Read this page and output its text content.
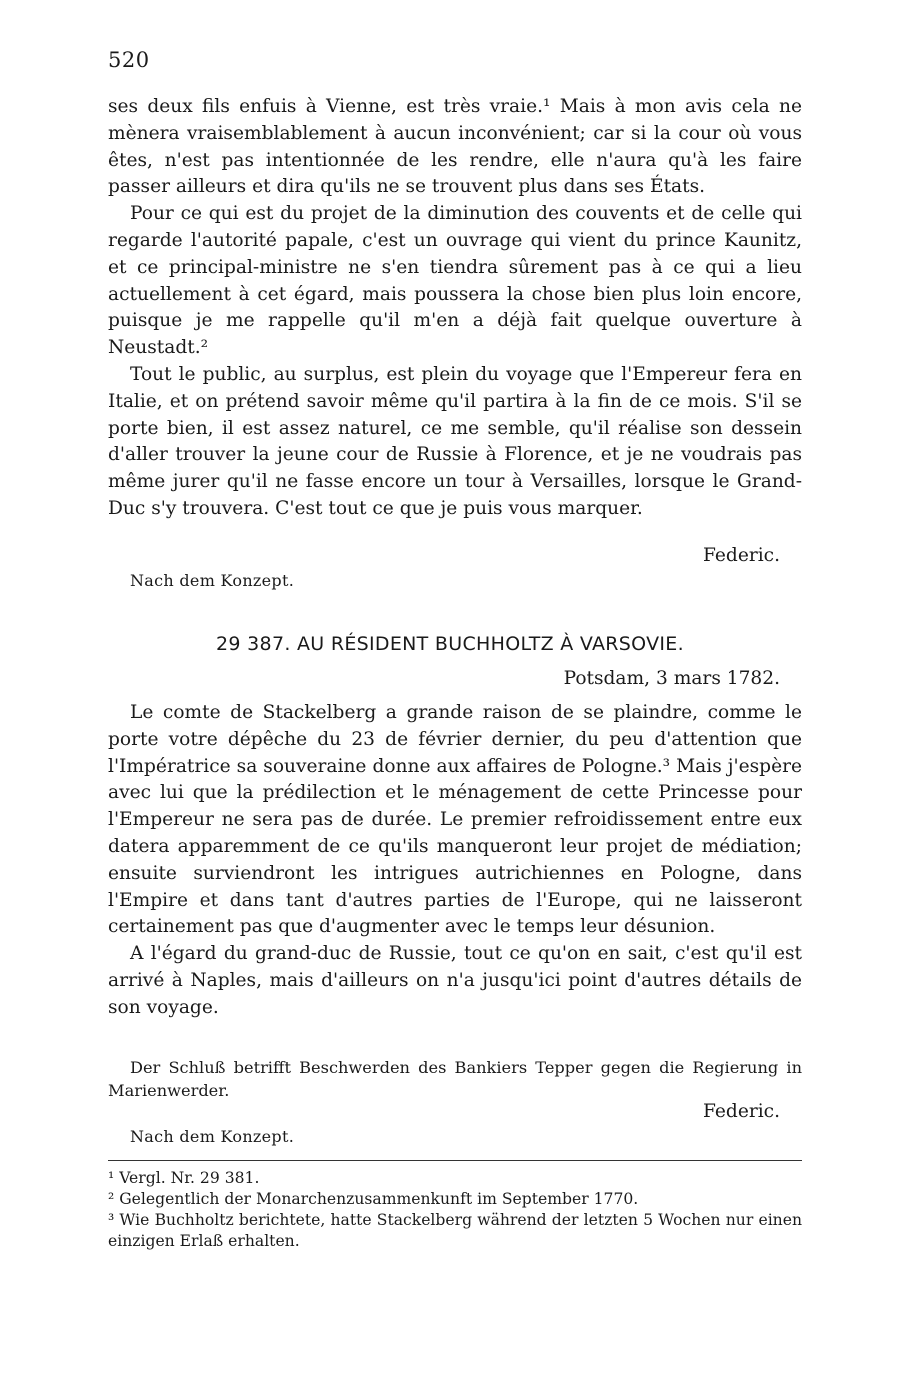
520

ses deux fils enfuis à Vienne, est très vraie.¹ Mais à mon avis cela ne mènera vraisemblablement à aucun inconvénient; car si la cour où vous êtes, n'est pas intentionnée de les rendre, elle n'aura qu'à les faire passer ailleurs et dira qu'ils ne se trouvent plus dans ses États.

Pour ce qui est du projet de la diminution des couvents et de celle qui regarde l'autorité papale, c'est un ouvrage qui vient du prince Kaunitz, et ce principal-ministre ne s'en tiendra sûrement pas à ce qui a lieu actuellement à cet égard, mais poussera la chose bien plus loin encore, puisque je me rappelle qu'il m'en a déjà fait quelque ouverture à Neustadt.²

Tout le public, au surplus, est plein du voyage que l'Empereur fera en Italie, et on prétend savoir même qu'il partira à la fin de ce mois. S'il se porte bien, il est assez naturel, ce me semble, qu'il réalise son dessein d'aller trouver la jeune cour de Russie à Florence, et je ne voudrais pas même jurer qu'il ne fasse encore un tour à Versailles, lorsque le Grand-Duc s'y trouvera. C'est tout ce que je puis vous marquer.

Federic.
Nach dem Konzept.
29 387. AU RÉSIDENT BUCHHOLTZ À VARSOVIE.
Potsdam, 3 mars 1782.

Le comte de Stackelberg a grande raison de se plaindre, comme le porte votre dépêche du 23 de février dernier, du peu d'attention que l'Impératrice sa souveraine donne aux affaires de Pologne.³ Mais j'espère avec lui que la prédilection et le ménagement de cette Princesse pour l'Empereur ne sera pas de durée. Le premier refroidissement entre eux datera apparemment de ce qu'ils manqueront leur projet de médiation; ensuite surviendront les intrigues autrichiennes en Pologne, dans l'Empire et dans tant d'autres parties de l'Europe, qui ne laisseront certainement pas que d'augmenter avec le temps leur désunion.

A l'égard du grand-duc de Russie, tout ce qu'on en sait, c'est qu'il est arrivé à Naples, mais d'ailleurs on n'a jusqu'ici point d'autres détails de son voyage.

Der Schluß betrifft Beschwerden des Bankiers Tepper gegen die Regierung in Marienwerder.

Federic.
Nach dem Konzept.
¹ Vergl. Nr. 29 381.
² Gelegentlich der Monarchenzusammenkunft im September 1770.
³ Wie Buchholtz berichtete, hatte Stackelberg während der letzten 5 Wochen nur einen einzigen Erlaß erhalten.
